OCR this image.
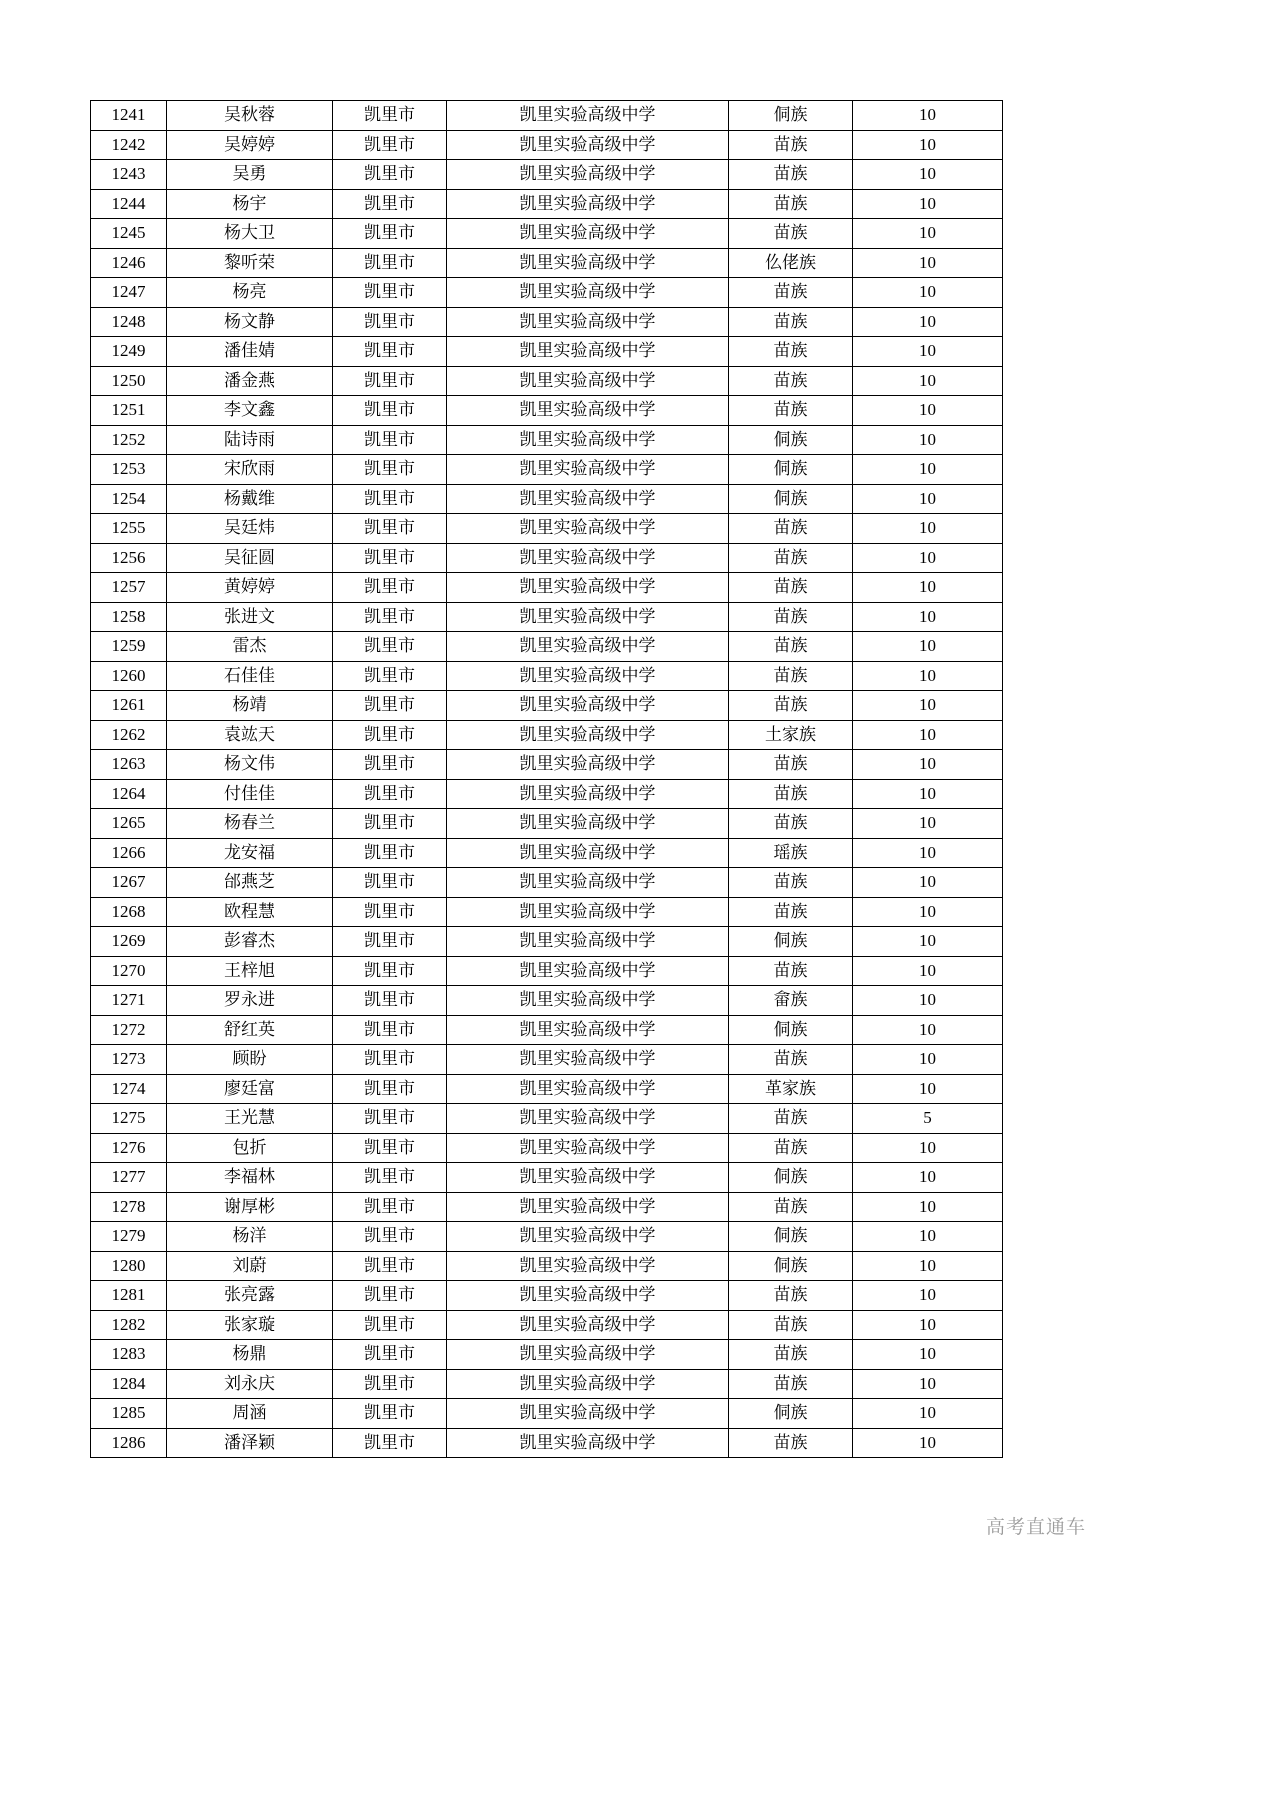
1241	吴秋蓉	凯里市	凯里实验高级中学	侗族	10
1242	吴婷婷	凯里市	凯里实验高级中学	苗族	10
1243	吴勇	凯里市	凯里实验高级中学	苗族	10
1244	杨宇	凯里市	凯里实验高级中学	苗族	10
1245	杨大卫	凯里市	凯里实验高级中学	苗族	10
1246	黎听荣	凯里市	凯里实验高级中学	仫佬族	10
1247	杨亮	凯里市	凯里实验高级中学	苗族	10
1248	杨文静	凯里市	凯里实验高级中学	苗族	10
1249	潘佳婧	凯里市	凯里实验高级中学	苗族	10
1250	潘金燕	凯里市	凯里实验高级中学	苗族	10
1251	李文鑫	凯里市	凯里实验高级中学	苗族	10
1252	陆诗雨	凯里市	凯里实验高级中学	侗族	10
1253	宋欣雨	凯里市	凯里实验高级中学	侗族	10
1254	杨戴维	凯里市	凯里实验高级中学	侗族	10
1255	吴廷炜	凯里市	凯里实验高级中学	苗族	10
1256	吴征圆	凯里市	凯里实验高级中学	苗族	10
1257	黄婷婷	凯里市	凯里实验高级中学	苗族	10
1258	张进文	凯里市	凯里实验高级中学	苗族	10
1259	雷杰	凯里市	凯里实验高级中学	苗族	10
1260	石佳佳	凯里市	凯里实验高级中学	苗族	10
1261	杨靖	凯里市	凯里实验高级中学	苗族	10
1262	袁竑天	凯里市	凯里实验高级中学	土家族	10
1263	杨文伟	凯里市	凯里实验高级中学	苗族	10
1264	付佳佳	凯里市	凯里实验高级中学	苗族	10
1265	杨春兰	凯里市	凯里实验高级中学	苗族	10
1266	龙安福	凯里市	凯里实验高级中学	瑶族	10
1267	邰燕芝	凯里市	凯里实验高级中学	苗族	10
1268	欧程慧	凯里市	凯里实验高级中学	苗族	10
1269	彭睿杰	凯里市	凯里实验高级中学	侗族	10
1270	王梓旭	凯里市	凯里实验高级中学	苗族	10
1271	罗永进	凯里市	凯里实验高级中学	畲族	10
1272	舒红英	凯里市	凯里实验高级中学	侗族	10
1273	顾盼	凯里市	凯里实验高级中学	苗族	10
1274	廖廷富	凯里市	凯里实验高级中学	革家族	10
1275	王光慧	凯里市	凯里实验高级中学	苗族	5
1276	包折	凯里市	凯里实验高级中学	苗族	10
1277	李福林	凯里市	凯里实验高级中学	侗族	10
1278	谢厚彬	凯里市	凯里实验高级中学	苗族	10
1279	杨洋	凯里市	凯里实验高级中学	侗族	10
1280	刘蔚	凯里市	凯里实验高级中学	侗族	10
1281	张亮露	凯里市	凯里实验高级中学	苗族	10
1282	张家璇	凯里市	凯里实验高级中学	苗族	10
1283	杨鼎	凯里市	凯里实验高级中学	苗族	10
1284	刘永庆	凯里市	凯里实验高级中学	苗族	10
1285	周涵	凯里市	凯里实验高级中学	侗族	10
1286	潘泽颖	凯里市	凯里实验高级中学	苗族	10
高考直通车
